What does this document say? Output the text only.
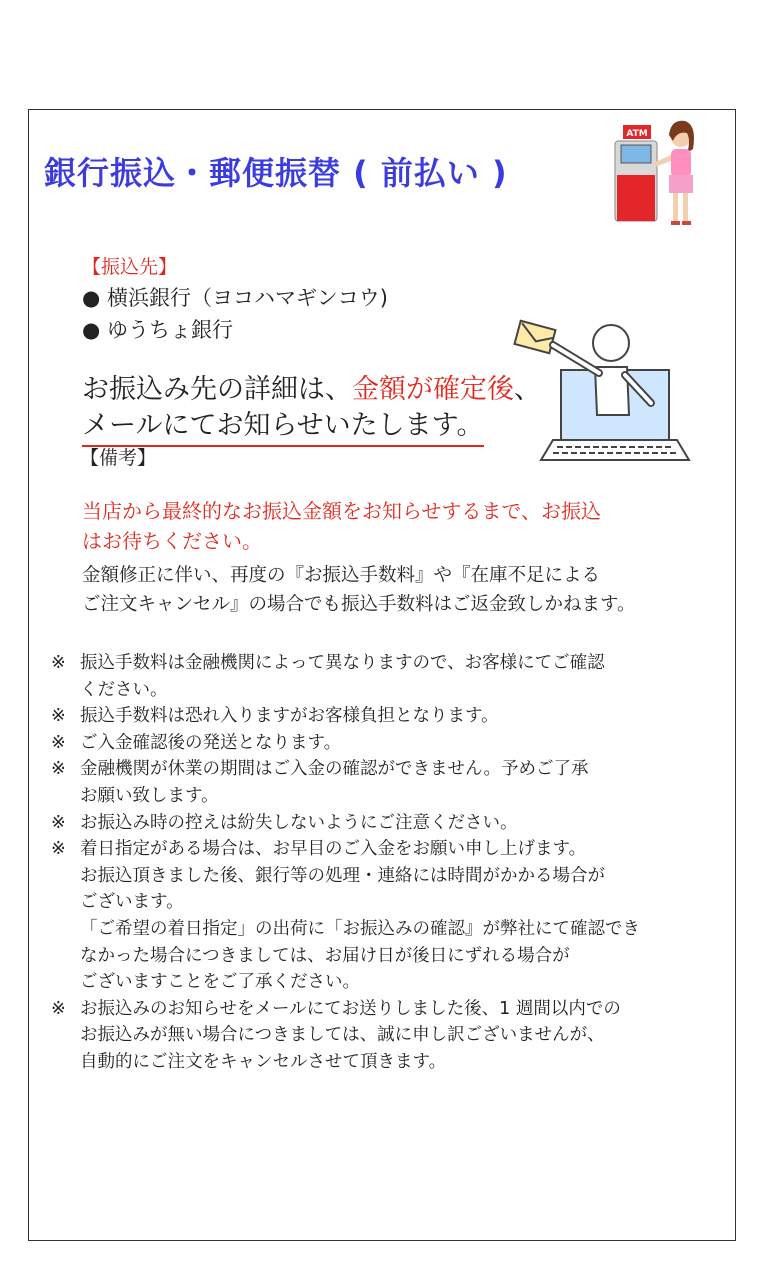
銀行振込・郵便振替 ( 前払い )
ATM
【振込先】
● 横浜銀行（ヨコハマギンコウ)
● ゆうちょ銀行
お振込み先の詳細は、金額が確定後、
メールにてお知らせいたします。
【備考】
当店から最終的なお振込金額をお知らせするまで、お振込
はお待ちください。
金額修正に伴い、再度の『お振込手数料』や『在庫不足による
ご注文キャンセル』の場合でも振込手数料はご返金致しかねます。
※ 振込手数料は金融機関によって異なりますので、お客様にてご確認
ください。
※ 振込手数料は恐れ入りますがお客様負担となります。
※ ご入金確認後の発送となります。
※ 金融機関が休業の期間はご入金の確認ができません。予めご了承
お願い致します。
※ お振込み時の控えは紛失しないようにご注意ください。
※ 着日指定がある場合は、お早目のご入金をお願い申し上げます。
お振込頂きました後、銀行等の処理・連絡には時間がかかる場合が
ございます。
「ご希望の着日指定」の出荷に「お振込みの確認』が弊社にて確認でき
なかった場合につきましては、お届け日が後日にずれる場合が
ございますことをご了承ください。
※ お振込みのお知らせをメールにてお送りしました後、1 週間以内での
お振込みが無い場合につきましては、誠に申し訳ございませんが、
自動的にご注文をキャンセルさせて頂きます。
